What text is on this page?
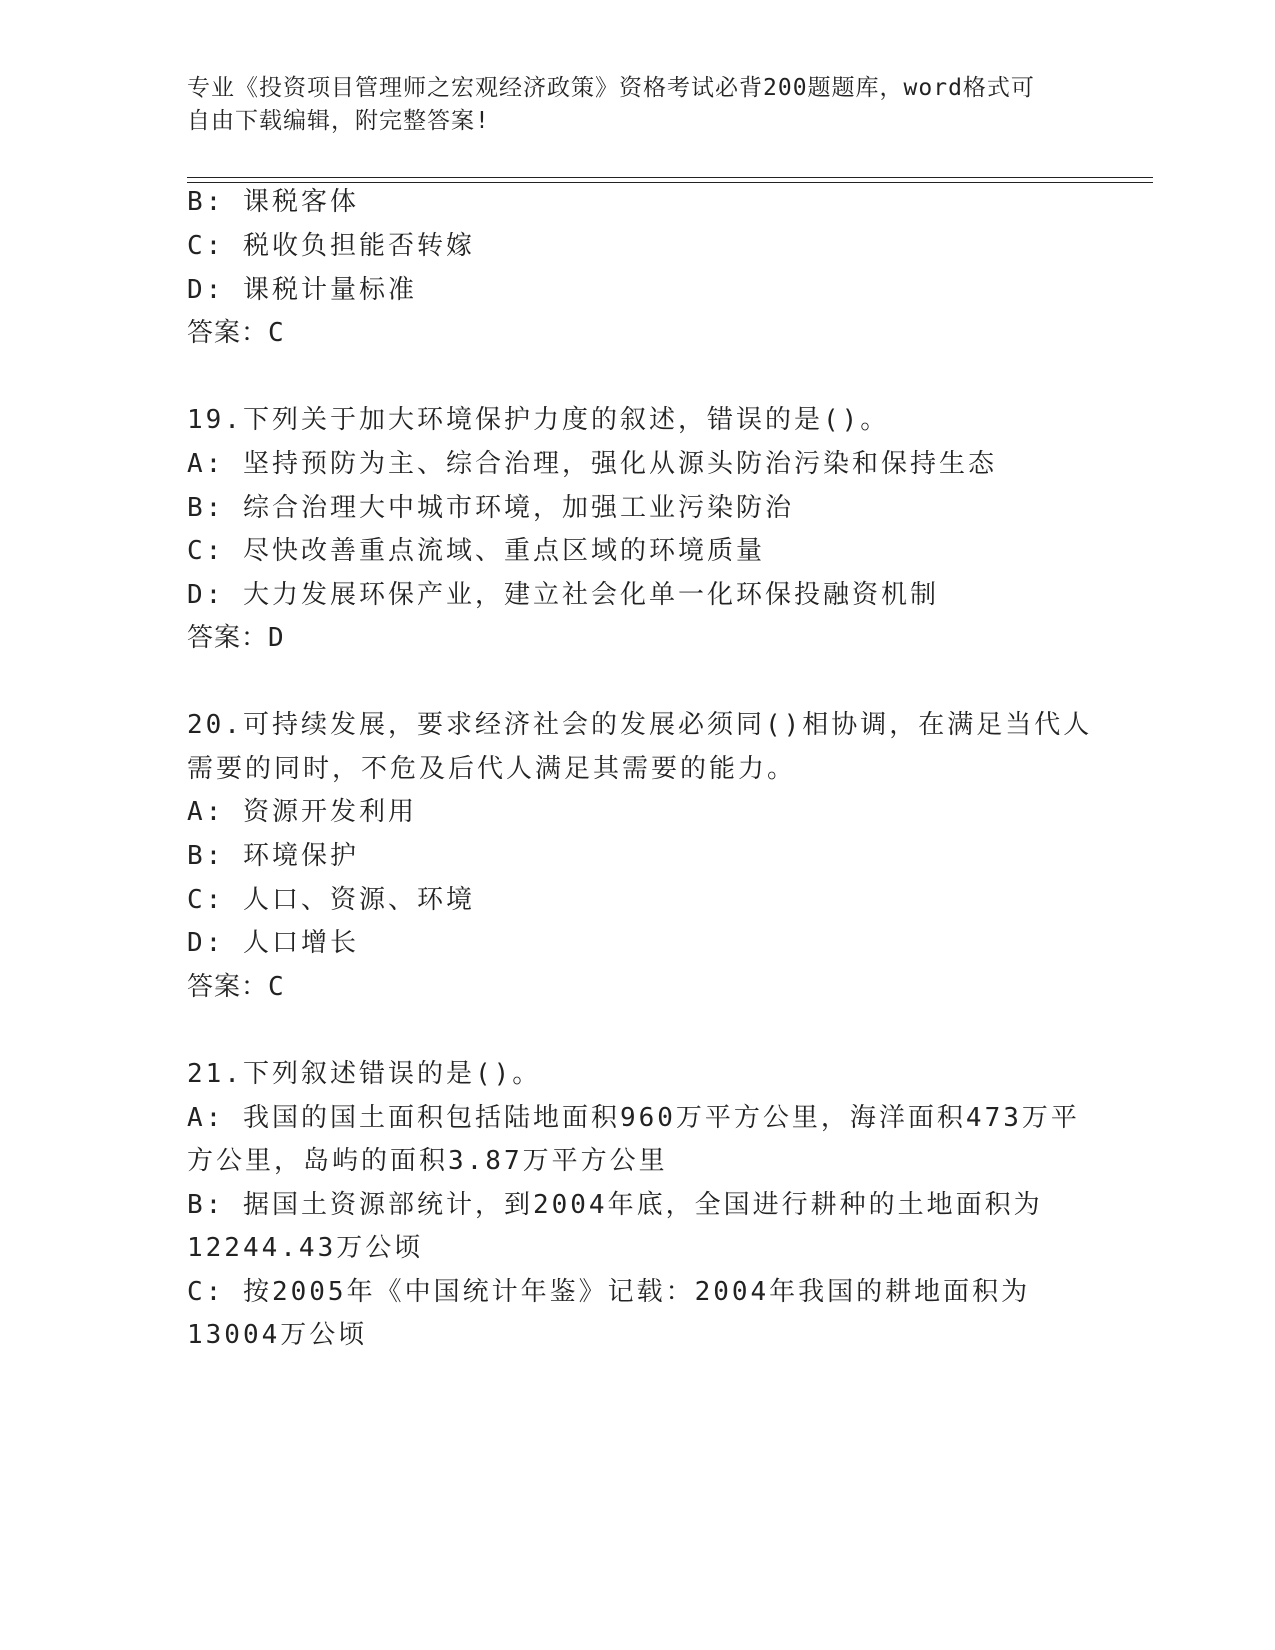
专业《投资项目管理师之宏观经济政策》资格考试必背200题题库，word格式可
自由下载编辑，附完整答案!
B: 课税客体
C: 税收负担能否转嫁
D: 课税计量标准
答案：C
19.下列关于加大环境保护力度的叙述，错误的是()。
A: 坚持预防为主、综合治理，强化从源头防治污染和保持生态
B: 综合治理大中城市环境，加强工业污染防治
C: 尽快改善重点流域、重点区域的环境质量
D: 大力发展环保产业，建立社会化单一化环保投融资机制
答案：D
20.可持续发展，要求经济社会的发展必须同()相协调，在满足当代人
需要的同时，不危及后代人满足其需要的能力。
A: 资源开发利用
B: 环境保护
C: 人口、资源、环境
D: 人口增长
答案：C
21.下列叙述错误的是()。
A: 我国的国土面积包括陆地面积960万平方公里，海洋面积473万平
方公里，岛屿的面积3.87万平方公里
B: 据国土资源部统计，到2004年底，全国进行耕种的土地面积为
12244.43万公顷
C: 按2005年《中国统计年鉴》记载：2004年我国的耕地面积为
13004万公顷
